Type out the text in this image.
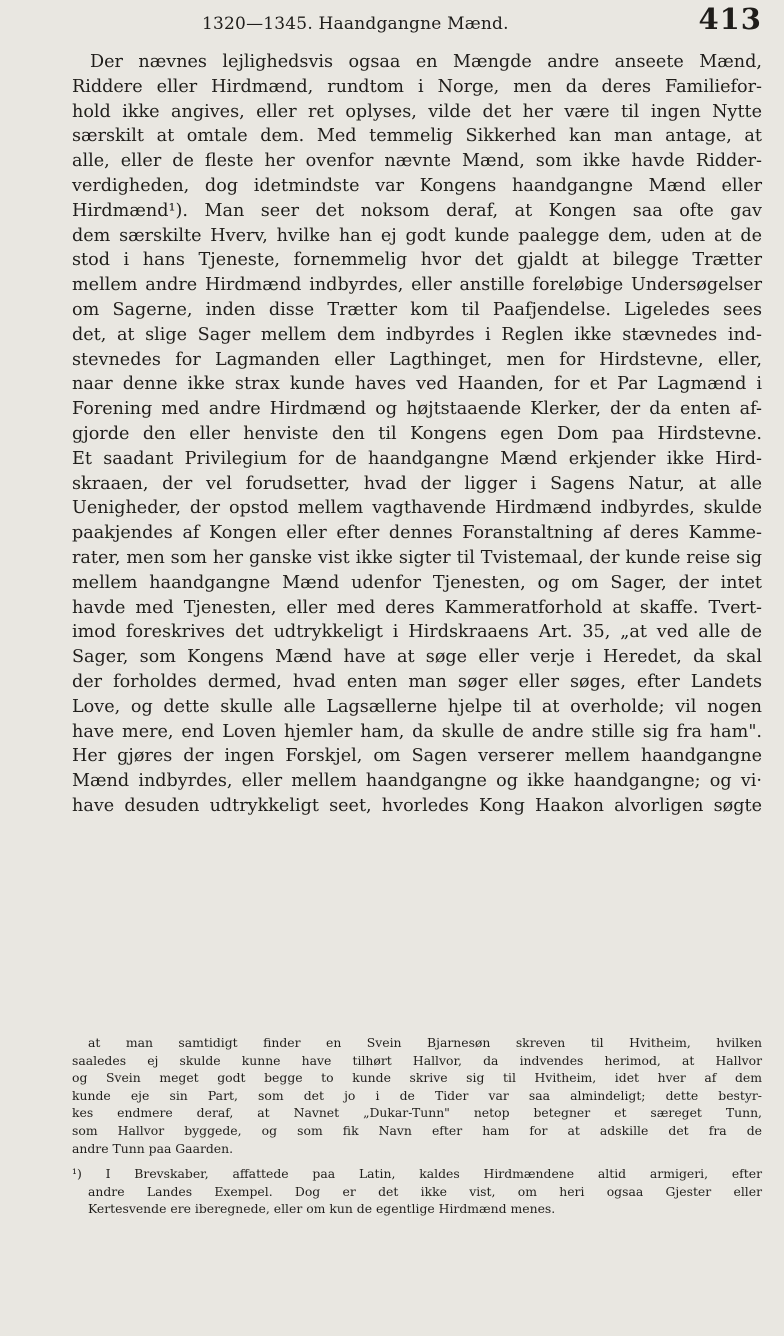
1320—1345. Haandgangne Mænd.	413
Der nævnes lejlighedsvis ogsaa en Mængde andre anseete Mænd,
Riddere eller Hirdmænd, rundtom i Norge, men da deres Familiefor-
hold ikke angives, eller ret oplyses, vilde det her være til ingen Nytte
særskilt at omtale dem. Med temmelig Sikkerhed kan man antage, at
alle, eller de fleste her ovenfor nævnte Mænd, som ikke havde Ridder-
verdigheden, dog idetmindste var Kongens haandgangne Mænd eller
Hirdmænd¹). Man seer det noksom deraf, at Kongen saa ofte gav
dem særskilte Hverv, hvilke han ej godt kunde paalegge dem, uden at de
stod i hans Tjeneste, fornemmelig hvor det gjaldt at bilegge Trætter
mellem andre Hirdmænd indbyrdes, eller anstille foreløbige Undersøgelser
om Sagerne, inden disse Trætter kom til Paafjendelse. Ligeledes sees
det, at slige Sager mellem dem indbyrdes i Reglen ikke stævnedes ind-
stevnedes for Lagmanden eller Lagthinget, men for Hirdstevne, eller,
naar denne ikke strax kunde haves ved Haanden, for et Par Lagmænd i
Forening med andre Hirdmænd og højtstaaende Klerker, der da enten af-
gjorde den eller henviste den til Kongens egen Dom paa Hirdstevne.
Et saadant Privilegium for de haandgangne Mænd erkjender ikke Hird-
skraaen, der vel forudsetter, hvad der ligger i Sagens Natur, at alle
Uenigheder, der opstod mellem vagthavende Hirdmænd indbyrdes, skulde
paakjendes af Kongen eller efter dennes Foranstaltning af deres Kamme-
rater, men som her ganske vist ikke sigter til Tvistemaal, der kunde reise sig
mellem haandgangne Mænd udenfor Tjenesten, og om Sager, der intet
havde med Tjenesten, eller med deres Kammeratforhold at skaffe. Tvert-
imod foreskrives det udtrykkeligt i Hirdskraaens Art. 35, „at ved alle de
Sager, som Kongens Mænd have at søge eller verje i Heredet, da skal
der forholdes dermed, hvad enten man søger eller søges, efter Landets
Love, og dette skulle alle Lagsællerne hjelpe til at overholde; vil nogen
have mere, end Loven hjemler ham, da skulle de andre stille sig fra ham".
Her gjøres der ingen Forskjel, om Sagen verserer mellem haandgangne
Mænd indbyrdes, eller mellem haandgangne og ikke haandgangne; og vi·
have desuden udtrykkeligt seet, hvorledes Kong Haakon alvorligen søgte
at man samtidigt finder en Svein Bjarnesøn skreven til Hvitheim, hvilken
saaledes ej skulde kunne have tilhørt Hallvor, da indvendes herimod, at Hallvor
og Svein meget godt begge to kunde skrive sig til Hvitheim, idet hver af dem
kunde eje sin Part, som det jo i de Tider var saa almindeligt; dette bestyr-
kes endmere deraf, at Navnet „Dukar-Tunn" netop betegner et særeget Tunn,
som Hallvor byggede, og som fik Navn efter ham for at adskille det fra de
andre Tunn paa Gaarden.
¹) I Brevskaber, affattede paa Latin, kaldes Hirdmændene altid armigeri, efter
andre Landes Exempel. Dog er det ikke vist, om heri ogsaa Gjester eller
Kertesvende ere iberegnede, eller om kun de egentlige Hirdmænd menes.
